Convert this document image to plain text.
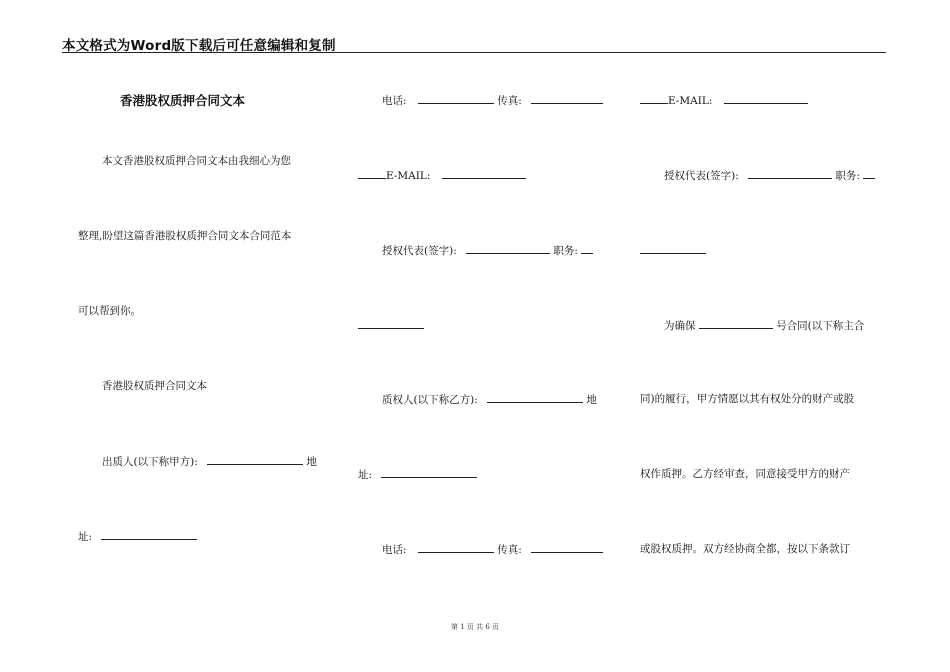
本文格式为Word版下载后可任意编辑和复制
香港股权质押合同文本
本文香港股权质押合同文本由我细心为您
整理,盼望这篇香港股权质押合同文本合同范本
可以帮到你。
香港股权质押合同文本
出质人(以下称甲方):	地
址:
电话:	传真:
E-MAIL:
授权代表(签字):	职务:
质权人(以下称乙方):	地
址:
电话:	传真:
E-MAIL:
授权代表(签字):	职务:
为确保	号合同(以下称主合
同)的履行，甲方情愿以其有权处分的财产或股
权作质押。乙方经审查，同意接受甲方的财产
或股权质押。双方经协商全都，按以下条款订
第 1 页 共 6 页
